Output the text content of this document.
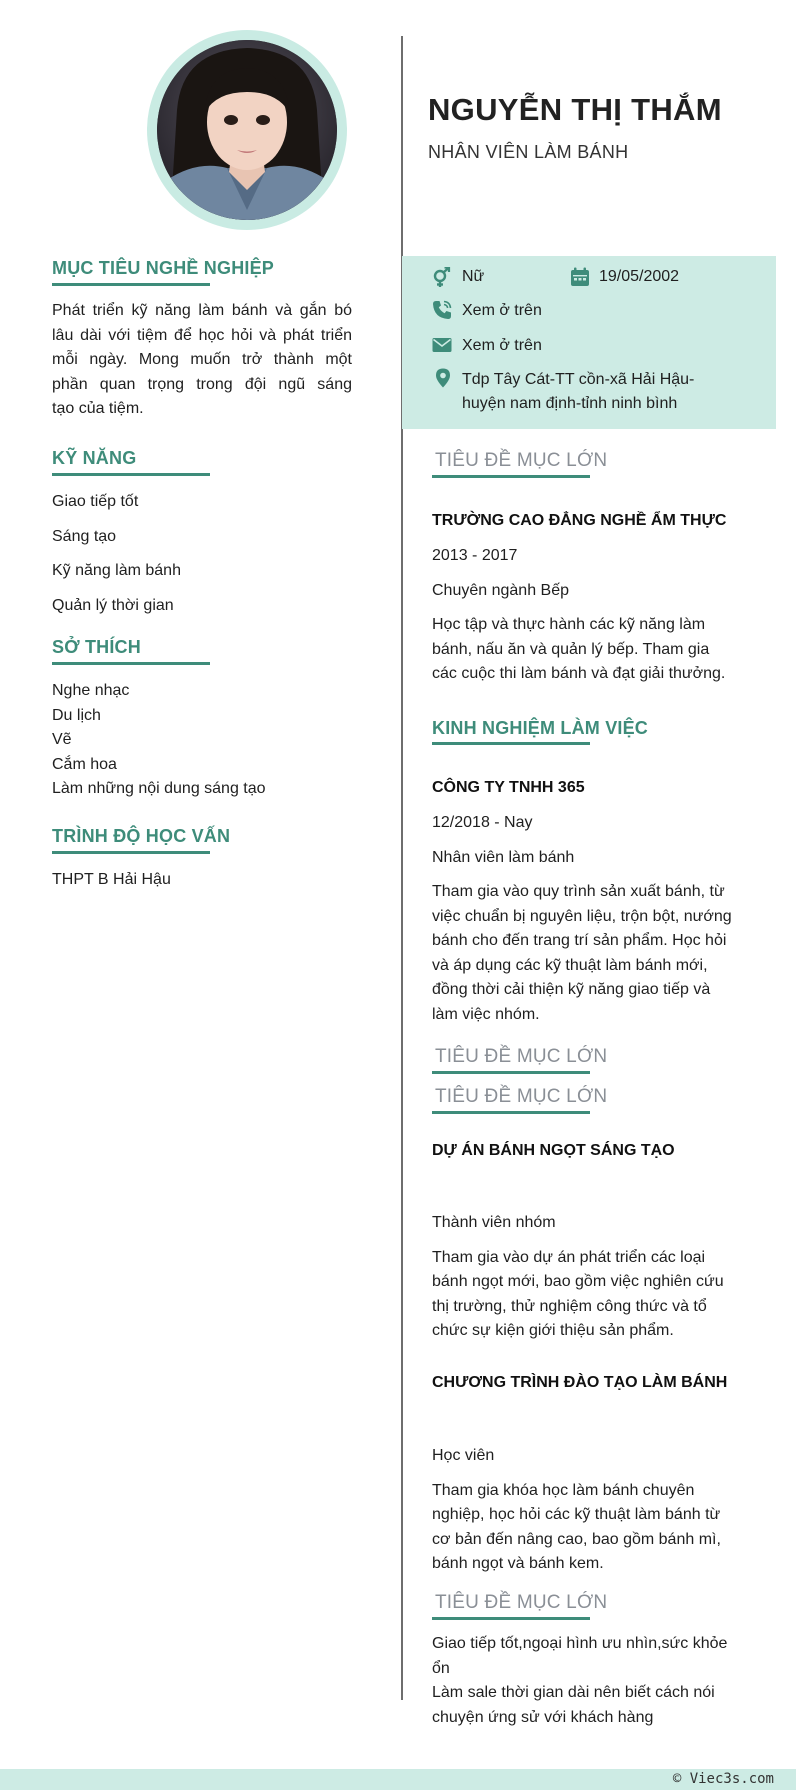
MỤC TIÊU NGHỀ NGHIỆP
Phát triển kỹ năng làm bánh và gắn bó
lâu dài với tiệm để học hỏi và phát triển
mỗi ngày. Mong muốn trở thành một
phần quan trọng trong đội ngũ sáng
tạo của tiệm.
KỸ NĂNG
Giao tiếp tốt
Sáng tạo
Kỹ năng làm bánh
Quản lý thời gian
SỞ THÍCH
Nghe nhạc
Du lịch
Vẽ
Cắm hoa
Làm những nội dung sáng tạo
TRÌNH ĐỘ HỌC VẤN
THPT B Hải Hậu
NGUYỄN THỊ THẮM
NHÂN VIÊN LÀM BÁNH
Nữ	19/05/2002
Xem ở trên
Xem ở trên
Tdp Tây Cát-TT cồn-xã Hải Hậu-
huyện nam định-tỉnh ninh bình
TIÊU ĐỀ MỤC LỚN
TRƯỜNG CAO ĐẲNG NGHỀ ẨM THỰC
2013 - 2017
Chuyên ngành Bếp
Học tập và thực hành các kỹ năng làm
bánh, nấu ăn và quản lý bếp. Tham gia
các cuộc thi làm bánh và đạt giải thưởng.
KINH NGHIỆM LÀM VIỆC
CÔNG TY TNHH 365
12/2018 - Nay
Nhân viên làm bánh
Tham gia vào quy trình sản xuất bánh, từ
việc chuẩn bị nguyên liệu, trộn bột, nướng
bánh cho đến trang trí sản phẩm. Học hỏi
và áp dụng các kỹ thuật làm bánh mới,
đồng thời cải thiện kỹ năng giao tiếp và
làm việc nhóm.
TIÊU ĐỀ MỤC LỚN
TIÊU ĐỀ MỤC LỚN
DỰ ÁN BÁNH NGỌT SÁNG TẠO
Thành viên nhóm
Tham gia vào dự án phát triển các loại
bánh ngọt mới, bao gồm việc nghiên cứu
thị trường, thử nghiệm công thức và tổ
chức sự kiện giới thiệu sản phẩm.
CHƯƠNG TRÌNH ĐÀO TẠO LÀM BÁNH
Học viên
Tham gia khóa học làm bánh chuyên
nghiệp, học hỏi các kỹ thuật làm bánh từ
cơ bản đến nâng cao, bao gồm bánh mì,
bánh ngọt và bánh kem.
TIÊU ĐỀ MỤC LỚN
Giao tiếp tốt,ngoại hình ưu nhìn,sức khỏe
ổn
Làm sale thời gian dài nên biết cách nói
chuyện ứng sử với khách hàng
© Viec3s.com
